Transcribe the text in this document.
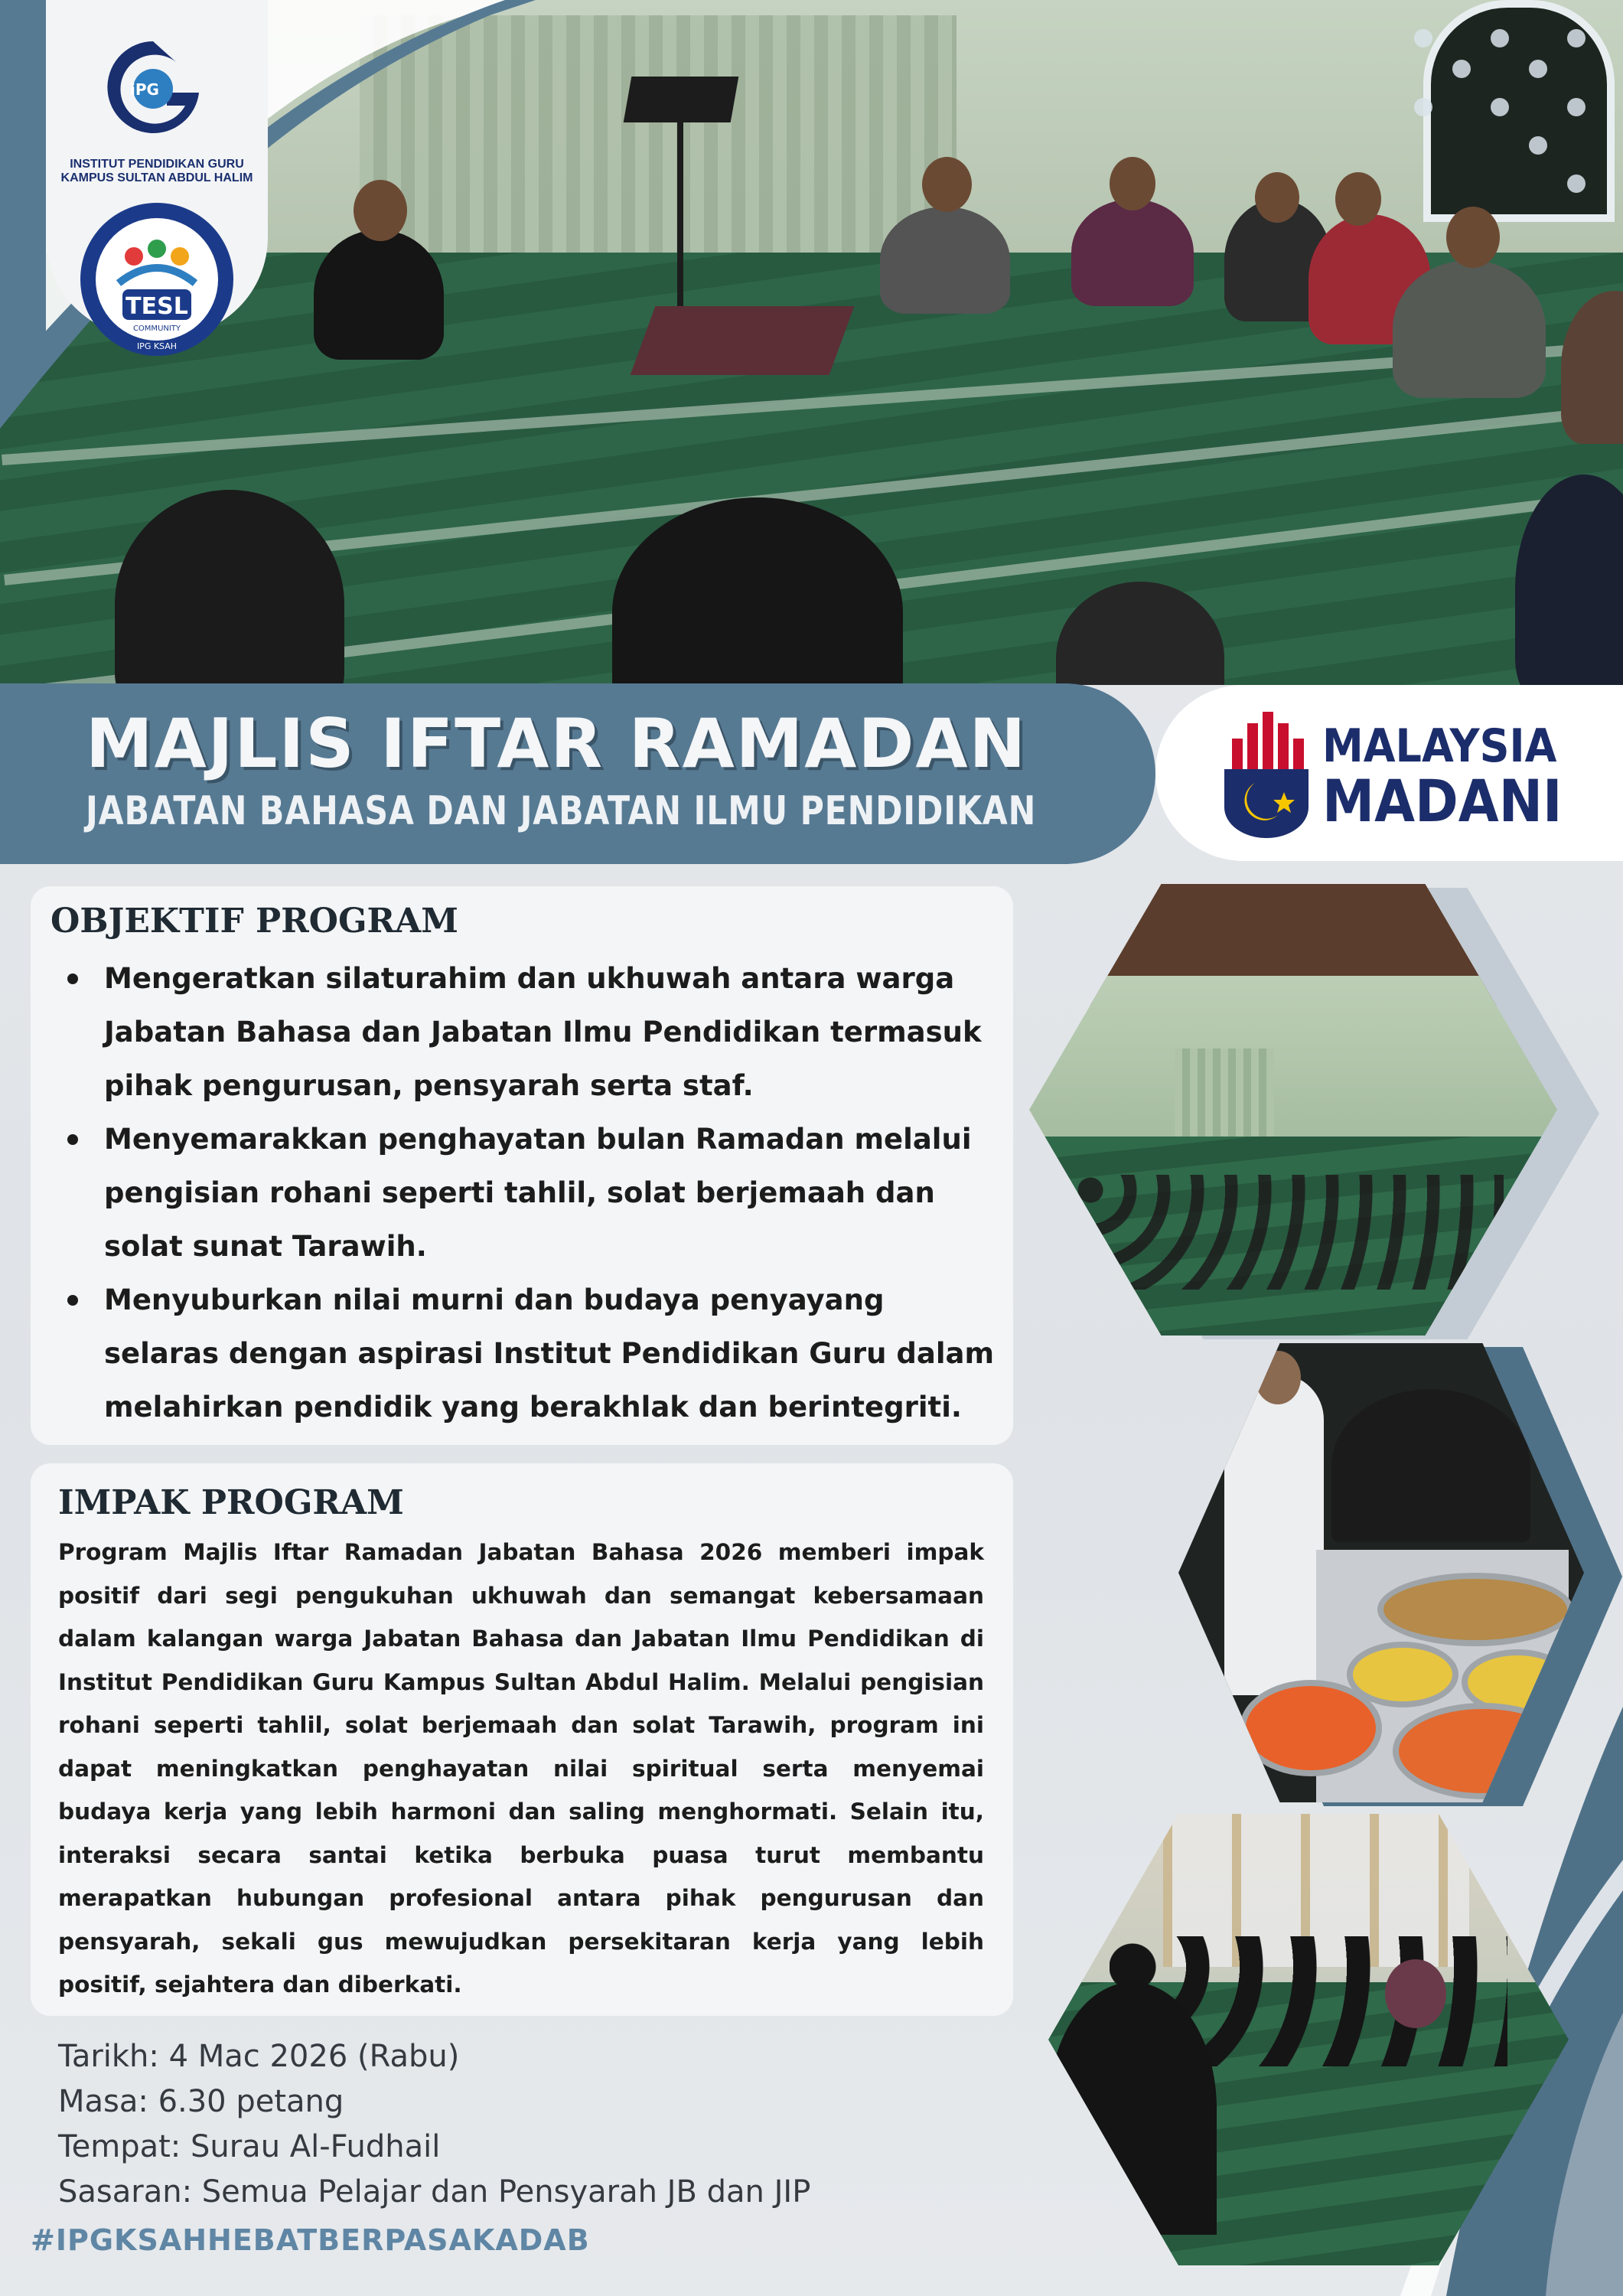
iPG
INSTITUT PENDIDIKAN GURU
KAMPUS SULTAN ABDUL HALIM
TESL
COMMUNITY
IPG KSAH
MAJLIS IFTAR RAMADAN
JABATAN BAHASA DAN JABATAN ILMU PENDIDIKAN
MALAYSIA
MADANI
OBJEKTIF PROGRAM
Mengeratkan silaturahim dan ukhuwah antara warga Jabatan Bahasa dan Jabatan Ilmu Pendidikan termasuk pihak pengurusan, pensyarah serta staf.
Menyemarakkan penghayatan bulan Ramadan melalui pengisian rohani seperti tahlil, solat berjemaah dan solat sunat Tarawih.
Menyuburkan nilai murni dan budaya penyayang selaras dengan aspirasi Institut Pendidikan Guru dalam melahirkan pendidik yang berakhlak dan berintegriti.
IMPAK PROGRAM
Program Majlis Iftar Ramadan Jabatan Bahasa 2026 memberi impak positif dari segi pengukuhan ukhuwah dan semangat kebersamaan dalam kalangan warga Jabatan Bahasa dan Jabatan Ilmu Pendidikan di Institut Pendidikan Guru Kampus Sultan Abdul Halim. Melalui pengisian rohani seperti tahlil, solat berjemaah dan solat Tarawih, program ini dapat meningkatkan penghayatan nilai spiritual serta menyemai budaya kerja yang lebih harmoni dan saling menghormati. Selain itu, interaksi secara santai ketika berbuka puasa turut membantu merapatkan hubungan profesional antara pihak pengurusan dan pensyarah, sekali gus mewujudkan persekitaran kerja yang lebih positif, sejahtera dan diberkati.
Tarikh: 4 Mac 2026 (Rabu)
Masa: 6.30 petang
Tempat: Surau Al-Fudhail
Sasaran: Semua Pelajar dan Pensyarah JB dan JIP
#IPGKSAHHEBATBERPASAKADAB
